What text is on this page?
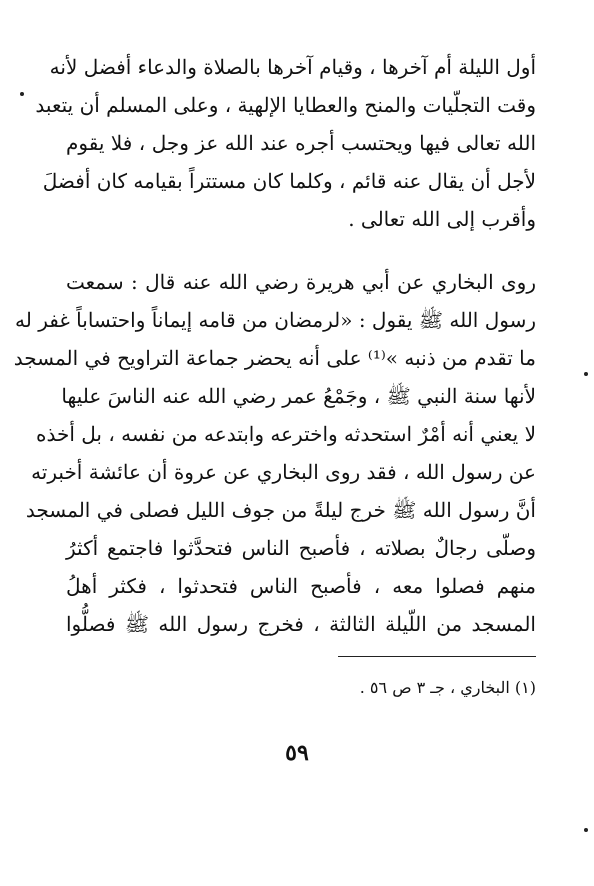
أول الليلة أم آخرها ، وقيام آخرها بالصلاة والدعاء أفضل لأنه
وقت التجلّيات والمنح والعطايا الإلهية ، وعلى المسلم أن يتعبد
الله تعالى فيها ويحتسب أجره عند الله عز وجل ، فلا يقوم
لأجل أن يقال عنه قائم ، وكلما كان مستتراً بقيامه كان أفضلَ
وأقرب إلى الله تعالى .
روى البخاري عن أبي هريرة رضي الله عنه قال : سمعت
رسول الله ﷺ يقول : «لرمضان من قامه إيماناً واحتساباً غفر له
ما تقدم من ذنبه »⁽¹⁾ على أنه يحضر جماعة التراويح في المسجد
لأنها سنة النبي ﷺ ، وجَمْعُ عمر رضي الله عنه الناسَ عليها
لا يعني أنه أمْرٌ استحدثه واخترعه وابتدعه من نفسه ، بل أخذه
عن رسول الله ، فقد روى البخاري عن عروة أن عائشة أخبرته
أنَّ رسول الله ﷺ خرج ليلةً من جوف الليل فصلى في المسجد
وصلّى رجالٌ بصلاته ، فأصبح الناس فتحدَّثوا فاجتمع أكثرُ
منهم فصلوا معه ، فأصبح الناس فتحدثوا ، فكثر أهلُ
المسجد من اللّيلة الثالثة ، فخرج رسول الله ﷺ فصلُّوا

(١) البخاري ، جـ ٣ ص ٥٦ .

٥٩
